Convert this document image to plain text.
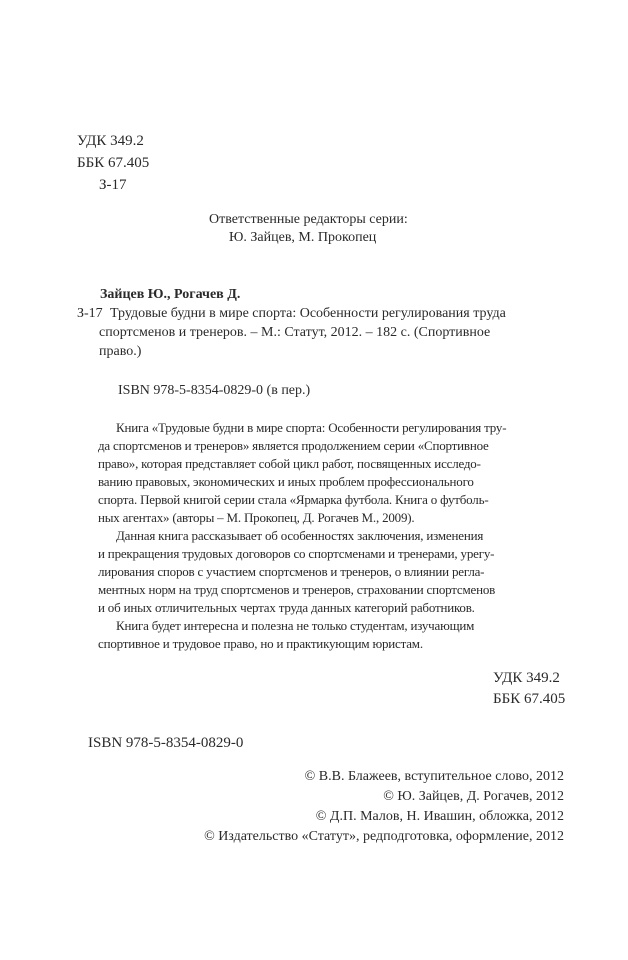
УДК 349.2
ББК 67.405
З-17
Ответственные редакторы серии:
Ю. Зайцев, М. Прокопец
Зайцев Ю., Рогачев Д.
З-17 Трудовые будни в мире спорта: Особенности регулирования труда
спортсменов и тренеров. – М.: Статут, 2012. – 182 с. (Спортивное
право.)
ISBN 978-5-8354-0829-0 (в пер.)
Книга «Трудовые будни в мире спорта: Особенности регулирования тру-
да спортсменов и тренеров» является продолжением серии «Спортивное
право», которая представляет собой цикл работ, посвященных исследо-
ванию правовых, экономических и иных проблем профессионального
спорта. Первой книгой серии стала «Ярмарка футбола. Книга о футболь-
ных агентах» (авторы – М. Прокопец, Д. Рогачев М., 2009).
Данная книга рассказывает об особенностях заключения, изменения
и прекращения трудовых договоров со спортсменами и тренерами, урегу-
лирования споров с участием спортсменов и тренеров, о влиянии регла-
ментных норм на труд спортсменов и тренеров, страховании спортсменов
и об иных отличительных чертах труда данных категорий работников.
Книга будет интересна и полезна не только студентам, изучающим
спортивное и трудовое право, но и практикующим юристам.
УДК 349.2
ББК 67.405
ISBN 978-5-8354-0829-0
© В.В. Блажеев, вступительное слово, 2012
© Ю. Зайцев, Д. Рогачев, 2012
© Д.П. Малов, Н. Ивашин, обложка, 2012
© Издательство «Статут», редподготовка, оформление, 2012
